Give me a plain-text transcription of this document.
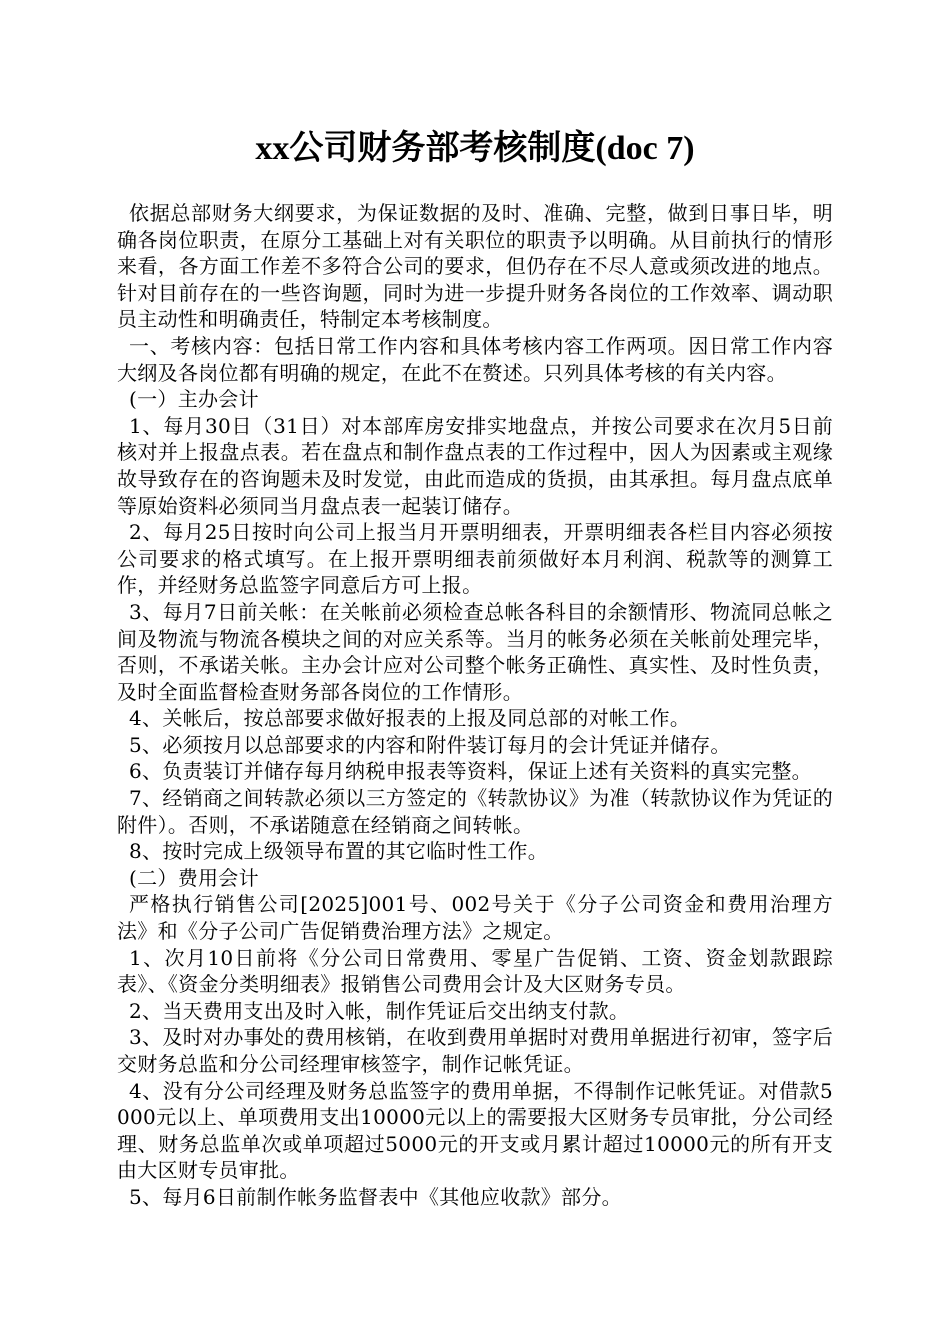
xx公司财务部考核制度(doc 7)

依据总部财务大纲要求，为保证数据的及时、准确、完整，做到日事日毕，明确各岗位职责，在原分工基础上对有关职位的职责予以明确。从目前执行的情形来看，各方面工作差不多符合公司的要求，但仍存在不尽人意或须改进的地点。针对目前存在的一些咨询题，同时为进一步提升财务各岗位的工作效率、调动职员主动性和明确责任，特制定本考核制度。

一、考核内容：包括日常工作内容和具体考核内容工作两项。因日常工作内容大纲及各岗位都有明确的规定，在此不在赘述。只列具体考核的有关内容。

(一）主办会计

1、每月30日（31日）对本部库房安排实地盘点，并按公司要求在次月5日前核对并上报盘点表。若在盘点和制作盘点表的工作过程中，因人为因素或主观缘故导致存在的咨询题未及时发觉，由此而造成的货损，由其承担。每月盘点底单等原始资料必须同当月盘点表一起装订储存。

2、每月25日按时向公司上报当月开票明细表，开票明细表各栏目内容必须按公司要求的格式填写。在上报开票明细表前须做好本月利润、税款等的测算工作，并经财务总监签字同意后方可上报。

3、每月7日前关帐：在关帐前必须检查总帐各科目的余额情形、物流同总帐之间及物流与物流各模块之间的对应关系等。当月的帐务必须在关帐前处理完毕，否则，不承诺关帐。主办会计应对公司整个帐务正确性、真实性、及时性负责，及时全面监督检查财务部各岗位的工作情形。

4、关帐后，按总部要求做好报表的上报及同总部的对帐工作。

5、必须按月以总部要求的内容和附件装订每月的会计凭证并储存。

6、负责装订并储存每月纳税申报表等资料，保证上述有关资料的真实完整。

7、经销商之间转款必须以三方签定的《转款协议》为准（转款协议作为凭证的附件）。否则，不承诺随意在经销商之间转帐。

8、按时完成上级领导布置的其它临时性工作。

(二）费用会计

严格执行销售公司[2025]001号、002号关于《分子公司资金和费用治理方法》和《分子公司广告促销费治理方法》之规定。

1、次月10日前将《分公司日常费用、零星广告促销、工资、资金划款跟踪表》、《资金分类明细表》报销售公司费用会计及大区财务专员。

2、当天费用支出及时入帐，制作凭证后交出纳支付款。

3、及时对办事处的费用核销，在收到费用单据时对费用单据进行初审，签字后交财务总监和分公司经理审核签字，制作记帐凭证。

4、没有分公司经理及财务总监签字的费用单据，不得制作记帐凭证。对借款5000元以上、单项费用支出10000元以上的需要报大区财务专员审批，分公司经理、财务总监单次或单项超过5000元的开支或月累计超过10000元的所有开支由大区财专员审批。

5、每月6日前制作帐务监督表中《其他应收款》部分。
